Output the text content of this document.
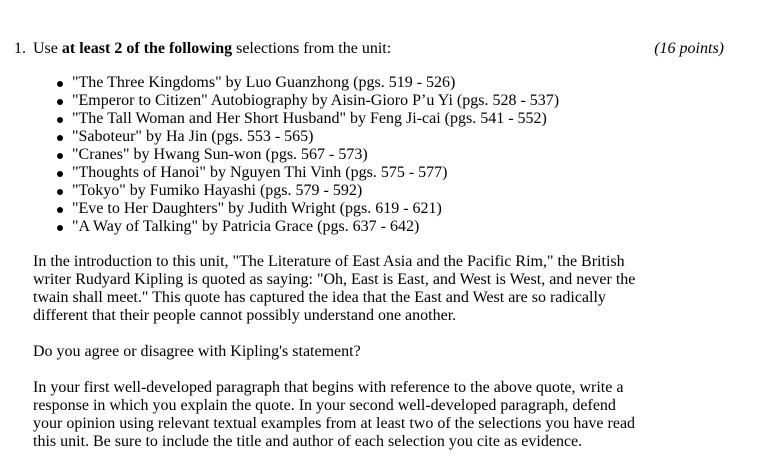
1. Use at least 2 of the following selections from the unit:	(16 points)
"The Three Kingdoms" by Luo Guanzhong (pgs. 519 - 526)
"Emperor to Citizen" Autobiography by Aisin-Gioro P’u Yi (pgs. 528 - 537)
"The Tall Woman and Her Short Husband" by Feng Ji-cai (pgs. 541 - 552)
"Saboteur" by Ha Jin (pgs. 553 - 565)
"Cranes" by Hwang Sun-won (pgs. 567 - 573)
"Thoughts of Hanoi" by Nguyen Thi Vinh (pgs. 575 - 577)
"Tokyo" by Fumiko Hayashi (pgs. 579 - 592)
"Eve to Her Daughters" by Judith Wright (pgs. 619 - 621)
"A Way of Talking" by Patricia Grace (pgs. 637 - 642)

In the introduction to this unit, "The Literature of East Asia and the Pacific Rim," the British writer Rudyard Kipling is quoted as saying: "Oh, East is East, and West is West, and never the twain shall meet." This quote has captured the idea that the East and West are so radically different that their people cannot possibly understand one another.

Do you agree or disagree with Kipling's statement?

In your first well-developed paragraph that begins with reference to the above quote, write a response in which you explain the quote. In your second well-developed paragraph, defend your opinion using relevant textual examples from at least two of the selections you have read this unit. Be sure to include the title and author of each selection you cite as evidence.
